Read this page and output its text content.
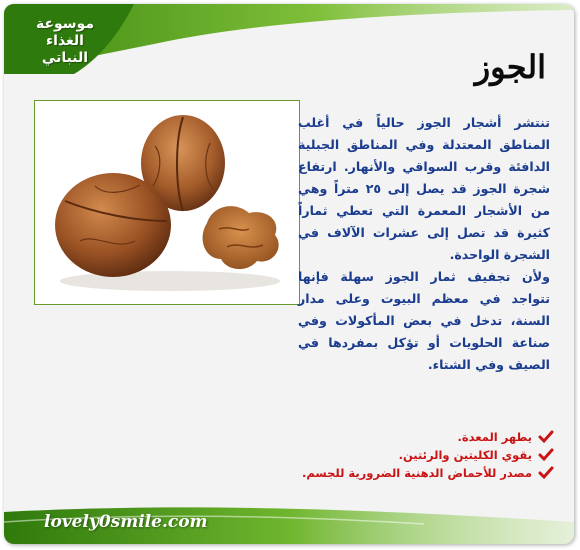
موسوعة
الغذاء
النباتي	الجوز

تنتشر أشجار الجوز حالياً في أغلب المناطق المعتدلة وفي المناطق الجبلية الدافئة وقرب السواقي والأنهار. ارتفاع شجرة الجوز قد يصل إلى ٢٥ متراً وهي من الأشجار المعمرة التي تعطي ثماراً كثيرة قد تصل إلى عشرات الآلاف في الشجرة الواحدة.

ولأن تجفيف ثمار الجوز سهلة فإنها تتواجد في معظم البيوت وعلى مدار السنة، تدخل في بعض المأكولات وفي صناعة الحلويات أو تؤكل بمفردها في الصيف وفي الشتاء.

يطهر المعدة.
يقوي الكليتين والرئتين.
مصدر للأحماض الدهنية الضرورية للجسم.
lovely0smile.com
